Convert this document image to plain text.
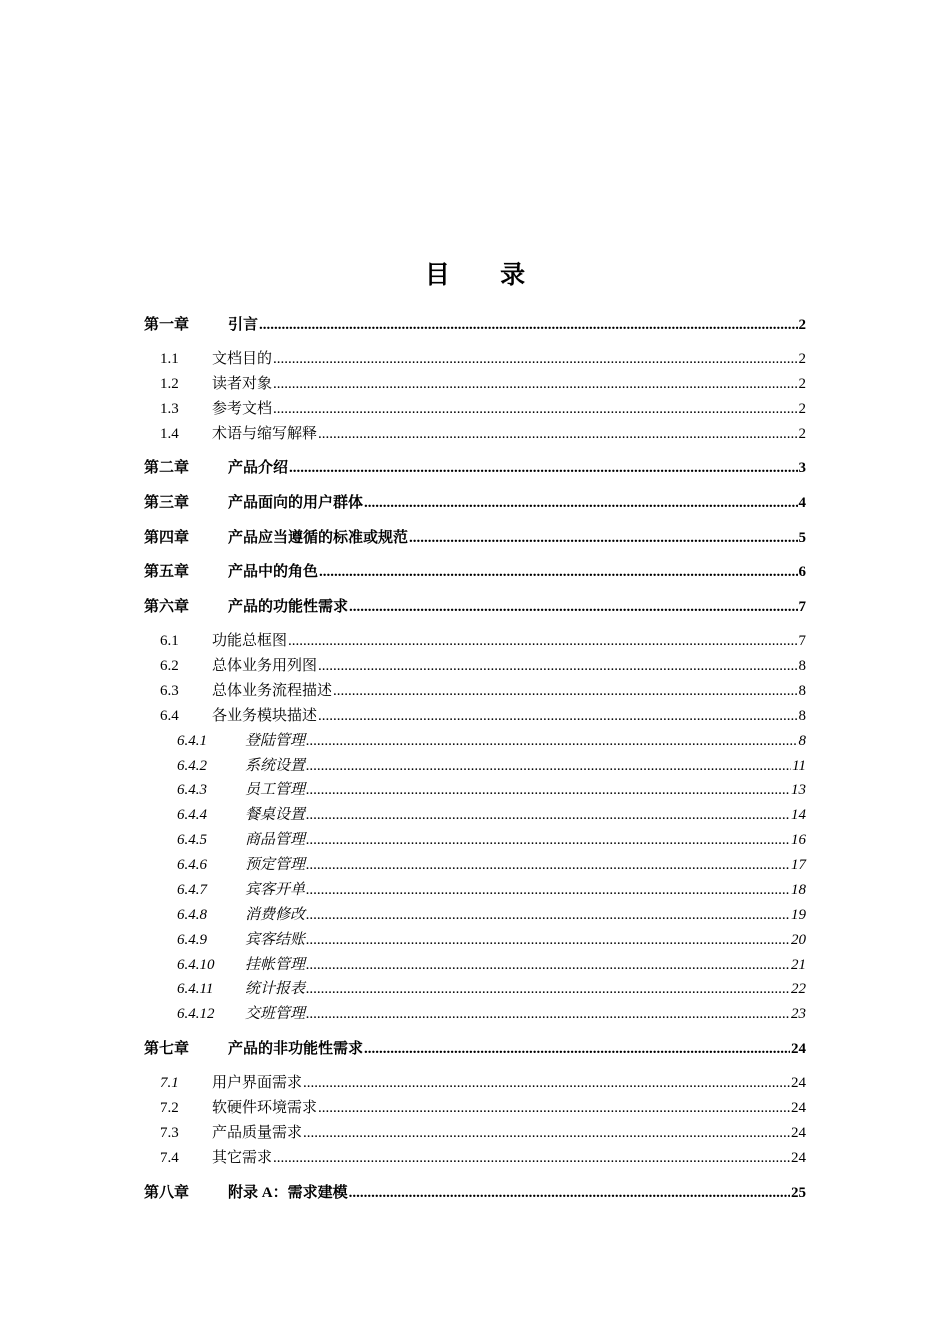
目 录
第一章	引言 .....	2
1.1	文档目的 .....	2
1.2	读者对象 .....	2
1.3	参考文档 .....	2
1.4	术语与缩写解释 .....	2
第二章	产品介绍 .....	3
第三章	产品面向的用户群体 .....	4
第四章	产品应当遵循的标准或规范 .....	5
第五章	产品中的角色 .....	6
第六章	产品的功能性需求 .....	7
6.1	功能总框图 .....	7
6.2	总体业务用列图 .....	8
6.3	总体业务流程描述 .....	8
6.4	各业务模块描述 .....	8
6.4.1	登陆管理 .....	8
6.4.2	系统设置 .....	11
6.4.3	员工管理 .....	13
6.4.4	餐桌设置 .....	14
6.4.5	商品管理 .....	16
6.4.6	预定管理 .....	17
6.4.7	宾客开单 .....	18
6.4.8	消费修改 .....	19
6.4.9	宾客结账 .....	20
6.4.10	挂帐管理 .....	21
6.4.11	统计报表 .....	22
6.4.12	交班管理 .....	23
第七章	产品的非功能性需求 .....	24
7.1	用户界面需求 .....	24
7.2	软硬件环境需求 .....	24
7.3	产品质量需求 .....	24
7.4	其它需求 .....	24
第八章	附录 A：需求建模 .....	25
